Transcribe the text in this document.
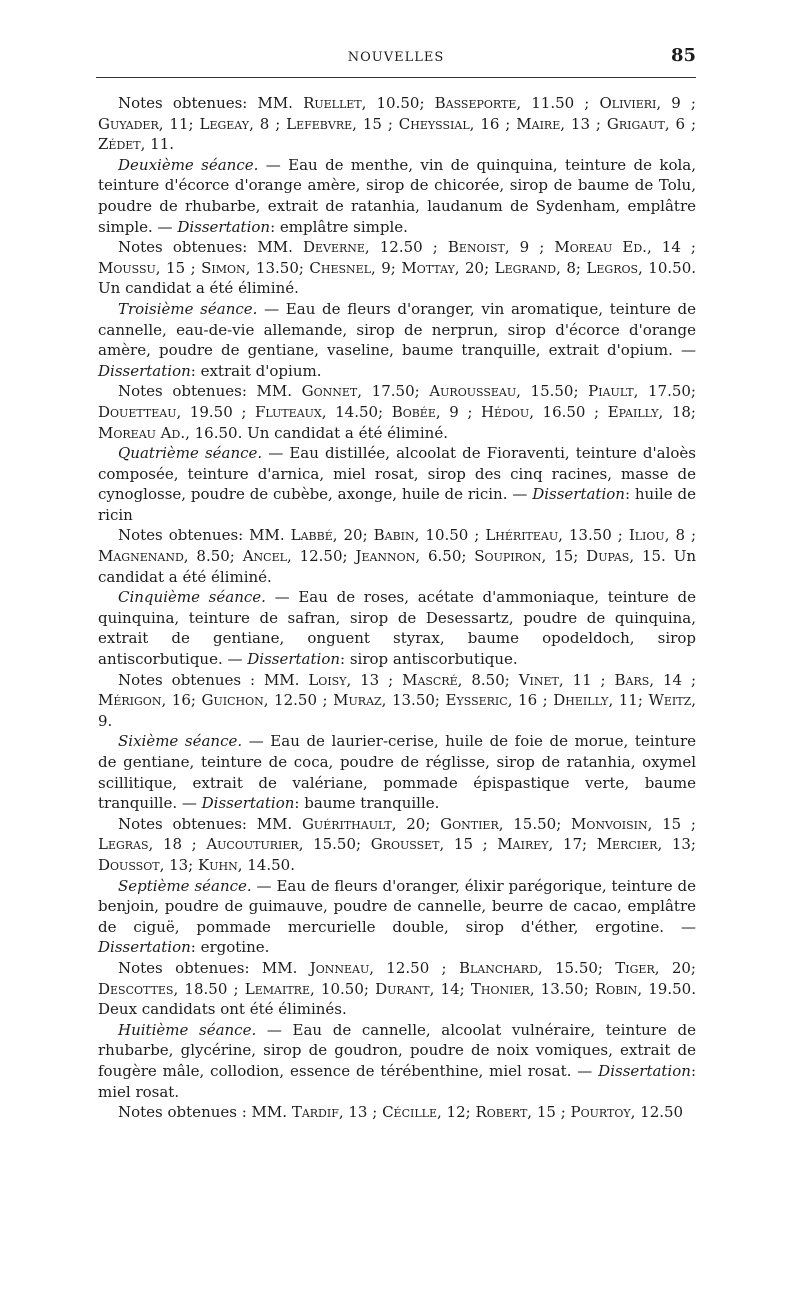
NOUVELLES	85

Notes obtenues: MM. Ruellet, 10.50; Basseporte, 11.50 ; Olivieri, 9 ; Guyader, 11; Legeay, 8 ; Lefebvre, 15 ; Cheyssial, 16 ; Maire, 13 ; Grigaut, 6 ; Zédet, 11.

Deuxième séance. — Eau de menthe, vin de quinquina, teinture de kola, teinture d'écorce d'orange amère, sirop de chicorée, sirop de baume de Tolu, poudre de rhubarbe, extrait de ratanhia, laudanum de Sydenham, emplâtre simple. — Dissertation: emplâtre simple.

Notes obtenues: MM. Deverne, 12.50 ; Benoist, 9 ; Moreau Ed., 14 ; Moussu, 15 ; Simon, 13.50; Chesnel, 9; Mottay, 20; Legrand, 8; Legros, 10.50. Un candidat a été éliminé.

Troisième séance. — Eau de fleurs d'oranger, vin aromatique, teinture de cannelle, eau-de-vie allemande, sirop de nerprun, sirop d'écorce d'orange amère, poudre de gentiane, vaseline, baume tranquille, extrait d'opium. — Dissertation: extrait d'opium.

Notes obtenues: MM. Gonnet, 17.50; Aurousseau, 15.50; Piault, 17.50; Douetteau, 19.50 ; Fluteaux, 14.50; Bobée, 9 ; Hédou, 16.50 ; Epailly, 18; Moreau Ad., 16.50. Un candidat a été éliminé.

Quatrième séance. — Eau distillée, alcoolat de Fioraventi, teinture d'aloès composée, teinture d'arnica, miel rosat, sirop des cinq racines, masse de cynoglosse, poudre de cubèbe, axonge, huile de ricin. — Dissertation: huile de ricin

Notes obtenues: MM. Labbé, 20; Babin, 10.50 ; Lhériteau, 13.50 ; Iliou, 8 ; Magnenand, 8.50; Ancel, 12.50; Jeannon, 6.50; Soupiron, 15; Dupas, 15. Un candidat a été éliminé.

Cinquième séance. — Eau de roses, acétate d'ammoniaque, teinture de quinquina, teinture de safran, sirop de Desessartz, poudre de quinquina, extrait de gentiane, onguent styrax, baume opodeldoch, sirop antiscorbutique. — Dissertation: sirop antiscorbutique.

Notes obtenues : MM. Loisy, 13 ; Mascré, 8.50; Vinet, 11 ; Bars, 14 ; Mérigon, 16; Guichon, 12.50 ; Muraz, 13.50; Eysseric, 16 ; Dheilly, 11; Weitz, 9.

Sixième séance. — Eau de laurier-cerise, huile de foie de morue, teinture de gentiane, teinture de coca, poudre de réglisse, sirop de ratanhia, oxymel scillitique, extrait de valériane, pommade épispastique verte, baume tranquille. — Dissertation: baume tranquille.

Notes obtenues: MM. Guérithault, 20; Gontier, 15.50; Monvoisin, 15 ; Legras, 18 ; Aucouturier, 15.50; Grousset, 15 ; Mairey, 17; Mercier, 13; Doussot, 13; Kuhn, 14.50.

Septième séance. — Eau de fleurs d'oranger, élixir parégorique, teinture de benjoin, poudre de guimauve, poudre de cannelle, beurre de cacao, emplâtre de ciguë, pommade mercurielle double, sirop d'éther, ergotine. — Dissertation: ergotine.

Notes obtenues: MM. Jonneau, 12.50 ; Blanchard, 15.50; Tiger, 20; Descottes, 18.50 ; Lemaitre, 10.50; Durant, 14; Thonier, 13.50; Robin, 19.50. Deux candidats ont été éliminés.

Huitième séance. — Eau de cannelle, alcoolat vulnéraire, teinture de rhubarbe, glycérine, sirop de goudron, poudre de noix vomiques, extrait de fougère mâle, collodion, essence de térébenthine, miel rosat. — Dissertation: miel rosat.

Notes obtenues : MM. Tardif, 13 ; Cécille, 12; Robert, 15 ; Pourtoy, 12.50
